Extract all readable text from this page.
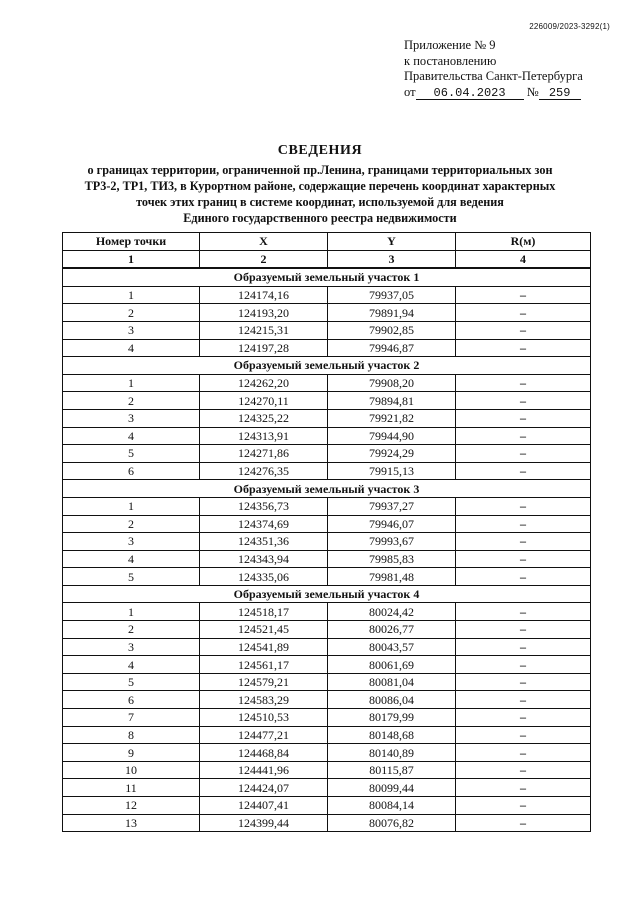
226009/2023-3292(1)
Приложение № 9
к постановлению
Правительства Санкт-Петербурга
от 06.04.2023 № 259
СВЕДЕНИЯ
о границах территории, ограниченной пр.Ленина, границами территориальных зон
ТР3-2, ТР1, ТИ3, в Курортном районе, содержащие перечень координат характерных
точек этих границ в системе координат, используемой для ведения
Единого государственного реестра недвижимости
Номер точки	X	Y	R(м)
1	2	3	4
Образуемый земельный участок 1			
1	124174,16	79937,05	–
2	124193,20	79891,94	–
3	124215,31	79902,85	–
4	124197,28	79946,87	–
Образуемый земельный участок 2			
1	124262,20	79908,20	–
2	124270,11	79894,81	–
3	124325,22	79921,82	–
4	124313,91	79944,90	–
5	124271,86	79924,29	–
6	124276,35	79915,13	–
Образуемый земельный участок 3			
1	124356,73	79937,27	–
2	124374,69	79946,07	–
3	124351,36	79993,67	–
4	124343,94	79985,83	–
5	124335,06	79981,48	–
Образуемый земельный участок 4			
1	124518,17	80024,42	–
2	124521,45	80026,77	–
3	124541,89	80043,57	–
4	124561,17	80061,69	–
5	124579,21	80081,04	–
6	124583,29	80086,04	–
7	124510,53	80179,99	–
8	124477,21	80148,68	–
9	124468,84	80140,89	–
10	124441,96	80115,87	–
11	124424,07	80099,44	–
12	124407,41	80084,14	–
13	124399,44	80076,82	–
